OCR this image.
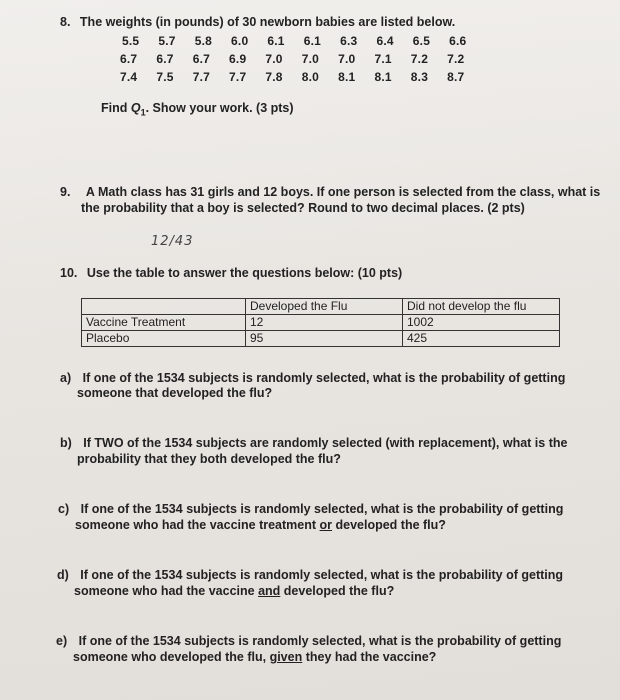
8. The weights (in pounds) of 30 newborn babies are listed below.
5.5  5.7  5.8  6.0  6.1  6.1  6.3  6.4  6.5  6.6
6.7  6.7  6.7  6.9  7.0  7.0  7.0  7.1  7.2  7.2
7.4  7.5  7.7  7.7  7.8  8.0  8.1  8.1  8.3  8.7
Find $Q_1$. Show your work. (3 pts)
9. A Math class has 31 girls and 12 boys. If one person is selected from the class, what is
the probability that a boy is selected? Round to two decimal places. (2 pts)
12/43
10. Use the table to answer the questions below: (10 pts)
	Developed the Flu	Did not develop the flu
Vaccine Treatment	12	1002
Placebo	95	425
a) If one of the 1534 subjects is randomly selected, what is the probability of getting
someone that developed the flu?
b) If TWO of the 1534 subjects are randomly selected (with replacement), what is the
probability that they both developed the flu?
c) If one of the 1534 subjects is randomly selected, what is the probability of getting
someone who had the vaccine treatment or developed the flu?
d) If one of the 1534 subjects is randomly selected, what is the probability of getting
someone who had the vaccine and developed the flu?
e) If one of the 1534 subjects is randomly selected, what is the probability of getting
someone who developed the flu, given they had the vaccine?
